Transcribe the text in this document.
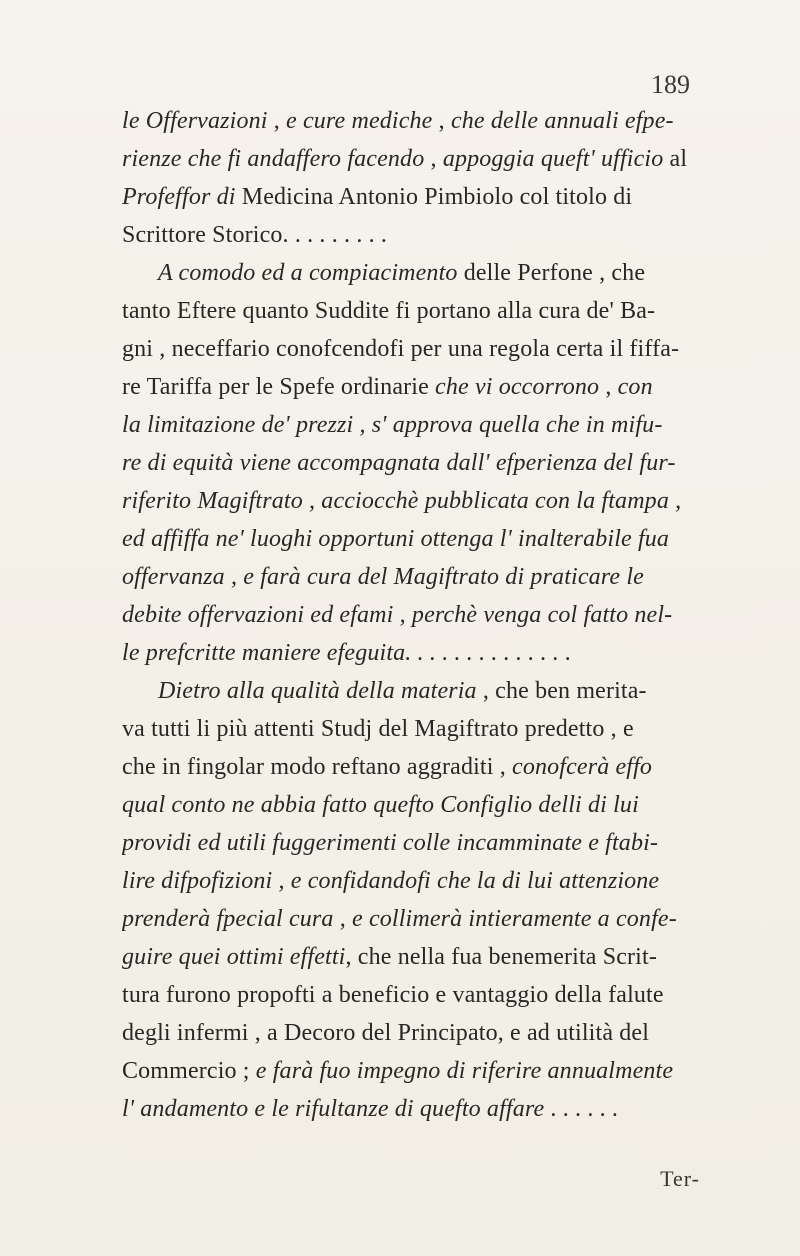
189
le Offervazioni , e cure mediche , che delle annuali efpe-
rienze che fi andaffero facendo , appoggia queft' ufficio al
Profeffor di Medicina Antonio Pimbiolo col titolo di
Scrittore Storico. . . . . . . . .
A comodo ed a compiacimento delle Perfone , che
tanto Eftere quanto Suddite fi portano alla cura de' Ba-
gni , neceffario conofcendofi per una regola certa il fiffa-
re Tariffa per le Spefe ordinarie che vi occorrono , con
la limitazione de' prezzi , s' approva quella che in mifu-
re di equità viene accompagnata dall' efperienza del fur-
riferito Magiftrato , acciocchè pubblicata con la ftampa ,
ed affiffa ne' luoghi opportuni ottenga l' inalterabile fua
offervanza , e farà cura del Magiftrato di praticare le
debite offervazioni ed efami , perchè venga col fatto nel-
le prefcritte maniere efeguita. . . . . . . . . . . . . .
Dietro alla qualità della materia , che ben merita-
va tutti li più attenti Studj del Magiftrato predetto , e
che in fingolar modo reftano aggraditi , conofcerà effo
qual conto ne abbia fatto quefto Configlio delli di lui
providi ed utili fuggerimenti colle incamminate e ftabi-
lire difpofizioni , e confidandofi che la di lui attenzione
prenderà fpecial cura , e collimerà intieramente a confe-
guire quei ottimi effetti, che nella fua benemerita Scrit-
tura furono propofti a beneficio e vantaggio della falute
degli infermi , a Decoro del Principato, e ad utilità del
Commercio ; e farà fuo impegno di riferire annualmente
l' andamento e le rifultanze di quefto affare . . . . . .
Ter-
